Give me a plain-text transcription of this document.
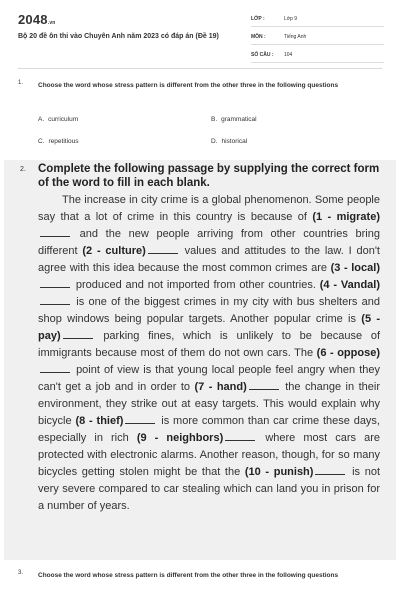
2048.vn
Bộ 20 đề ôn thi vào Chuyên Anh năm 2023 có đáp án (Đề 19)
LỚP :	Lớp 9
MÔN :	Tiếng Anh
SỐ CÂU :	104
1. Choose the word whose stress pattern is different from the other three in the following questions
A. curriculum	B. grammatical
C. repetitious	D. historical
2. Complete the following passage by supplying the correct form of the word to fill in each blank.
The increase in city crime is a global phenomenon. Some people say that a lot of crime in this country is because of (1 - migrate) and the new people arriving from other countries bring different (2 - culture)	values and attitudes to the law. I don't agree with this idea because the most common crimes are (3 - local) produced and not imported from other countries. (4 - Vandal) is one of the biggest crimes in my city with bus shelters and shop windows being popular targets. Another popular crime is (5 - pay)	parking fines, which is unlikely to be because of immigrants because most of them do not own cars. The (6 - oppose) point of view is that young local people feel angry when they can't get a job and in order to (7 - hand)	the change in their environment, they strike out at easy targets. This would explain why bicycle (8 - thief)	is more common than car crime these days, especially in rich (9 - neighbors)	where most cars are protected with electronic alarms. Another reason, though, for so many bicycles getting stolen might be that the (10 - punish)	is not very severe compared to car stealing which can land you in prison for a number of years.
3. Choose the word whose stress pattern is different from the other three in the following questions
